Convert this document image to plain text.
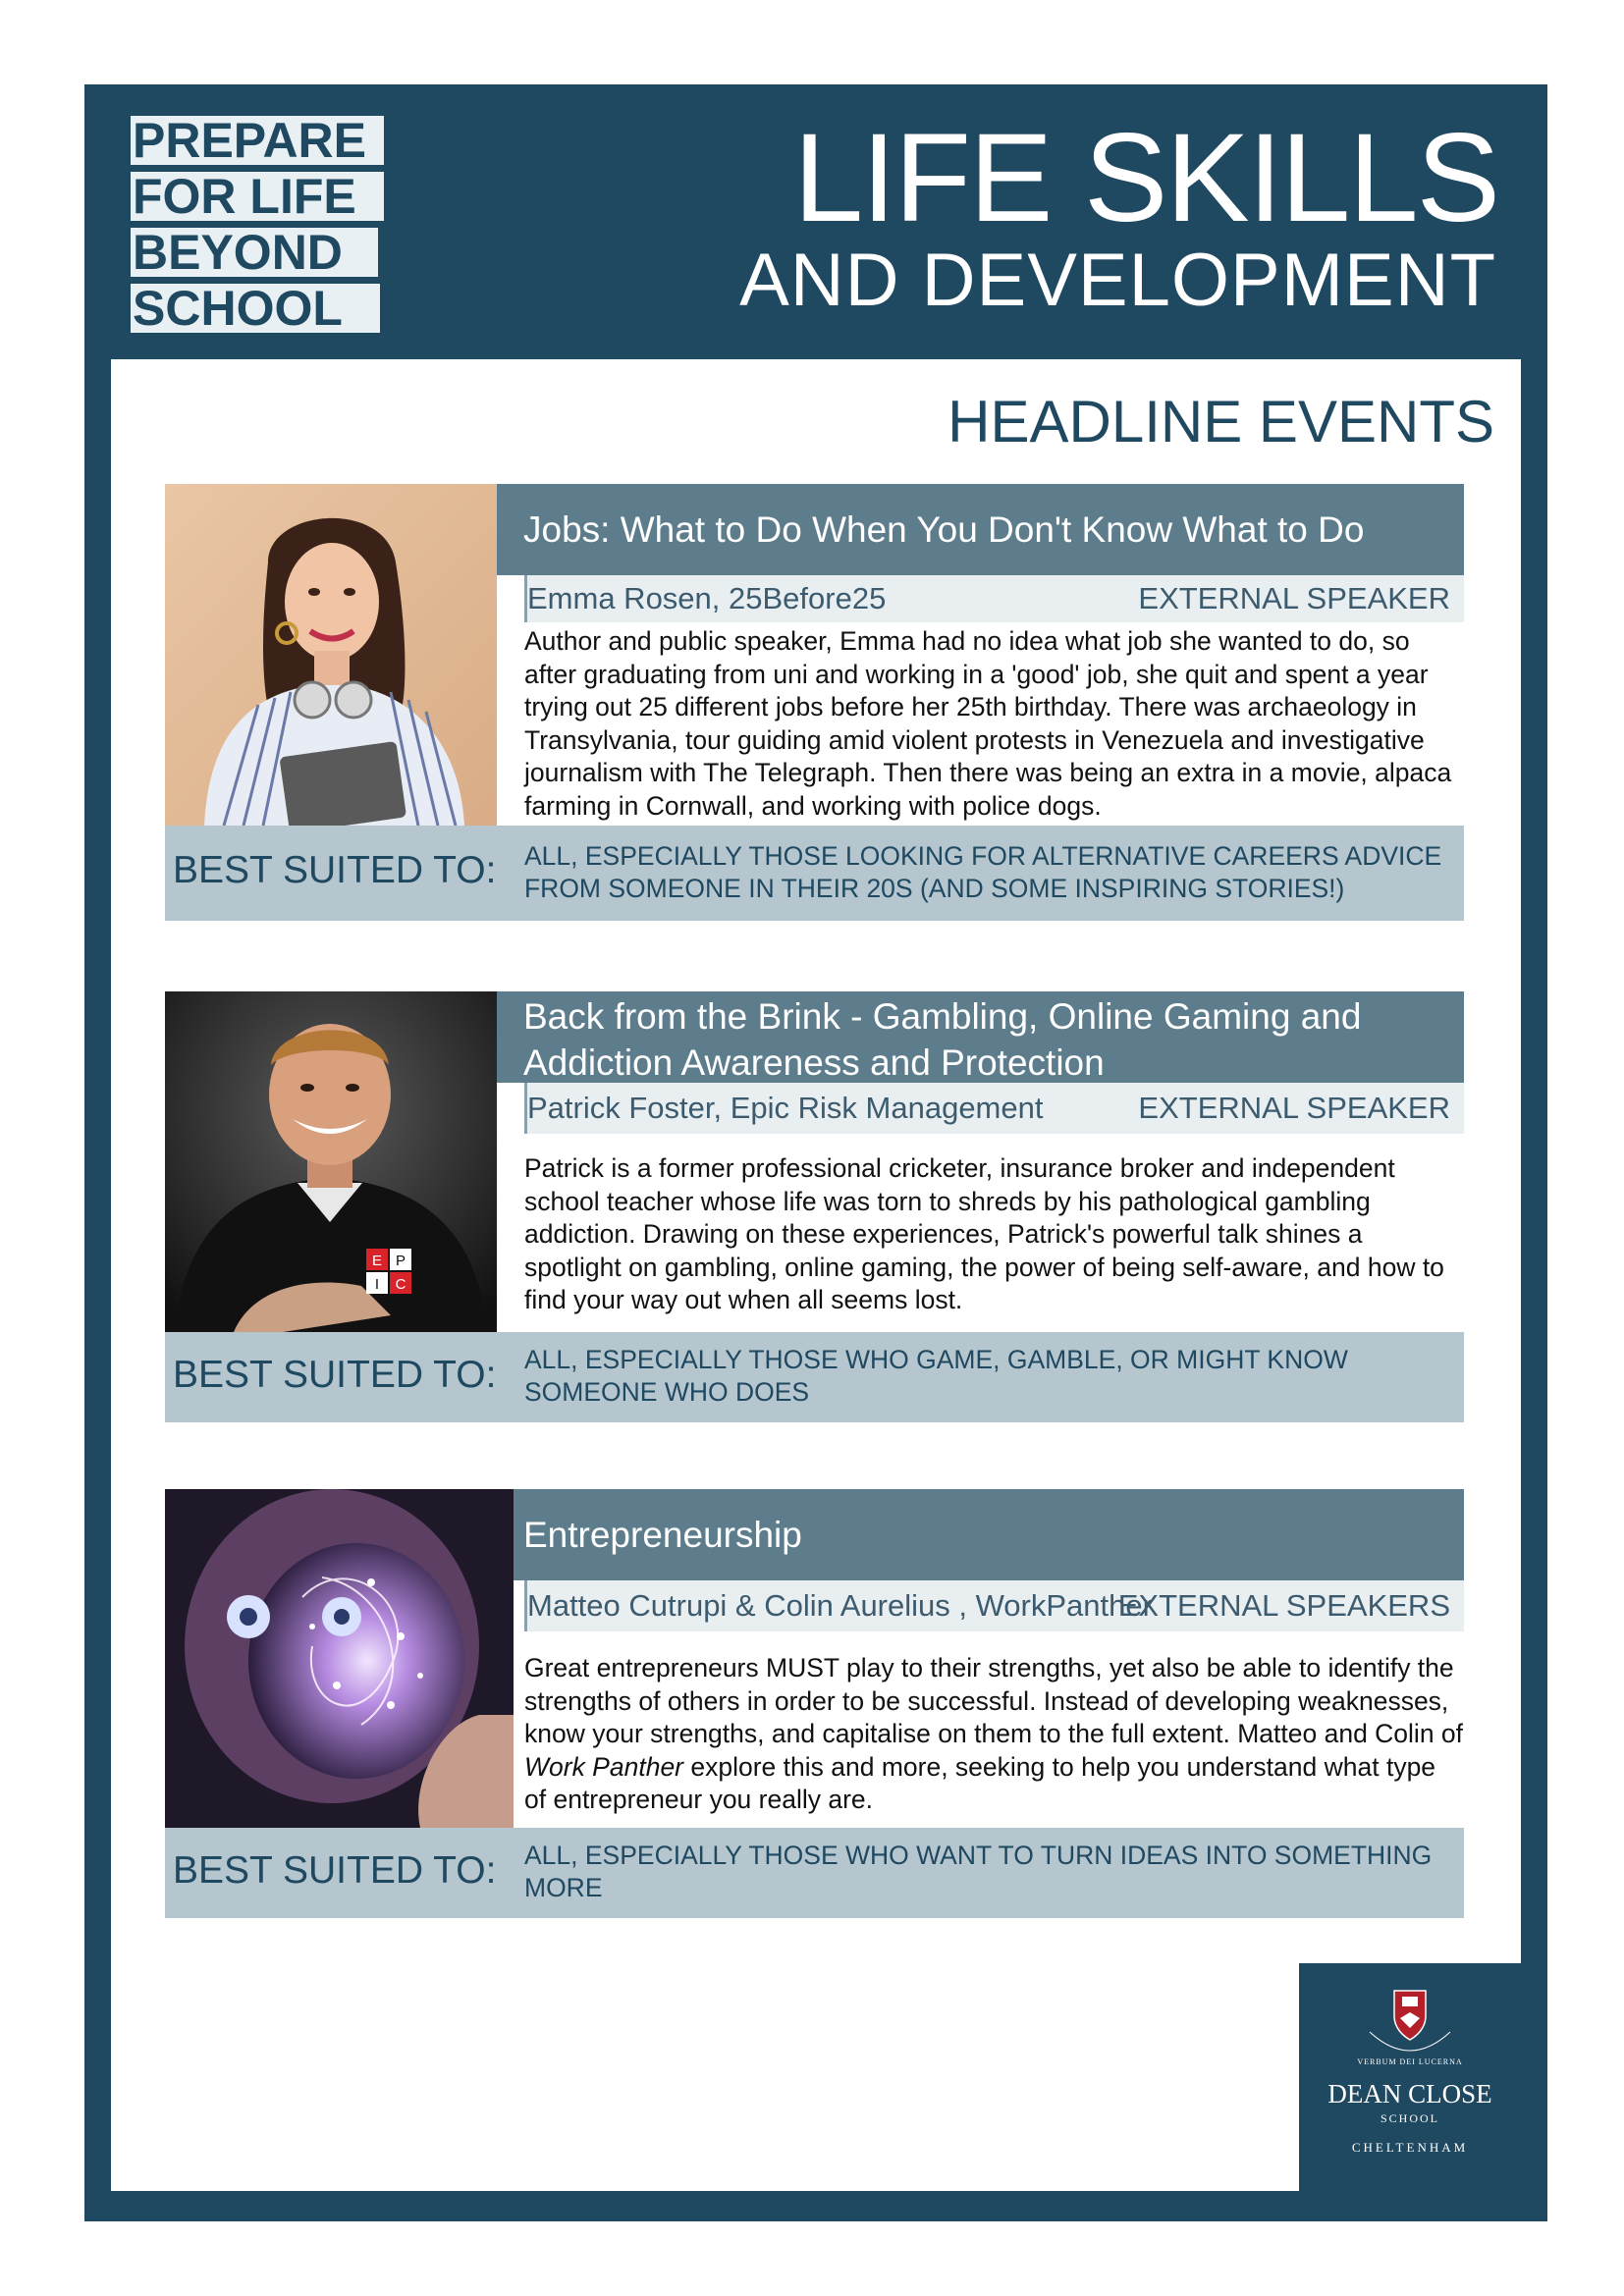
PREPARE
FOR LIFE
BEYOND
SCHOOL
LIFE SKILLS
AND DEVELOPMENT
HEADLINE EVENTS
Jobs: What to Do When You Don't Know What to Do
Emma Rosen, 25Before25	EXTERNAL SPEAKER
Author and public speaker, Emma had no idea what job she wanted to do, so after graduating from uni and working in a 'good' job, she quit and spent a year trying out 25 different jobs before her 25th birthday. There was archaeology in Transylvania, tour guiding amid violent protests in Venezuela and investigative journalism with The Telegraph. Then there was being an extra in a movie, alpaca farming in Cornwall, and working with police dogs.
BEST SUITED TO: ALL, ESPECIALLY THOSE LOOKING FOR ALTERNATIVE CAREERS ADVICE FROM SOMEONE IN THEIR 20S (AND SOME INSPIRING STORIES!)
E P
I C
Back from the Brink - Gambling, Online Gaming and Addiction Awareness and Protection
Patrick Foster, Epic Risk Management	EXTERNAL SPEAKER
Patrick is a former professional cricketer, insurance broker and independent school teacher whose life was torn to shreds by his pathological gambling addiction. Drawing on these experiences, Patrick's powerful talk shines a spotlight on gambling, online gaming, the power of being self-aware, and how to find your way out when all seems lost.
BEST SUITED TO: ALL, ESPECIALLY THOSE WHO GAME, GAMBLE, OR MIGHT KNOW SOMEONE WHO DOES
Entrepreneurship
Matteo Cutrupi & Colin Aurelius , WorkPanther
EXTERNAL SPEAKERS
Great entrepreneurs MUST play to their strengths, yet also be able to identify the strengths of others in order to be successful. Instead of developing weaknesses, know your strengths, and capitalise on them to the full extent. Matteo and Colin of Work Panther explore this and more, seeking to help you understand what type of entrepreneur you really are.
BEST SUITED TO: ALL, ESPECIALLY THOSE WHO WANT TO TURN IDEAS INTO SOMETHING MORE
VERBUM DEI LUCERNA
DEAN CLOSE
SCHOOL
CHELTENHAM
